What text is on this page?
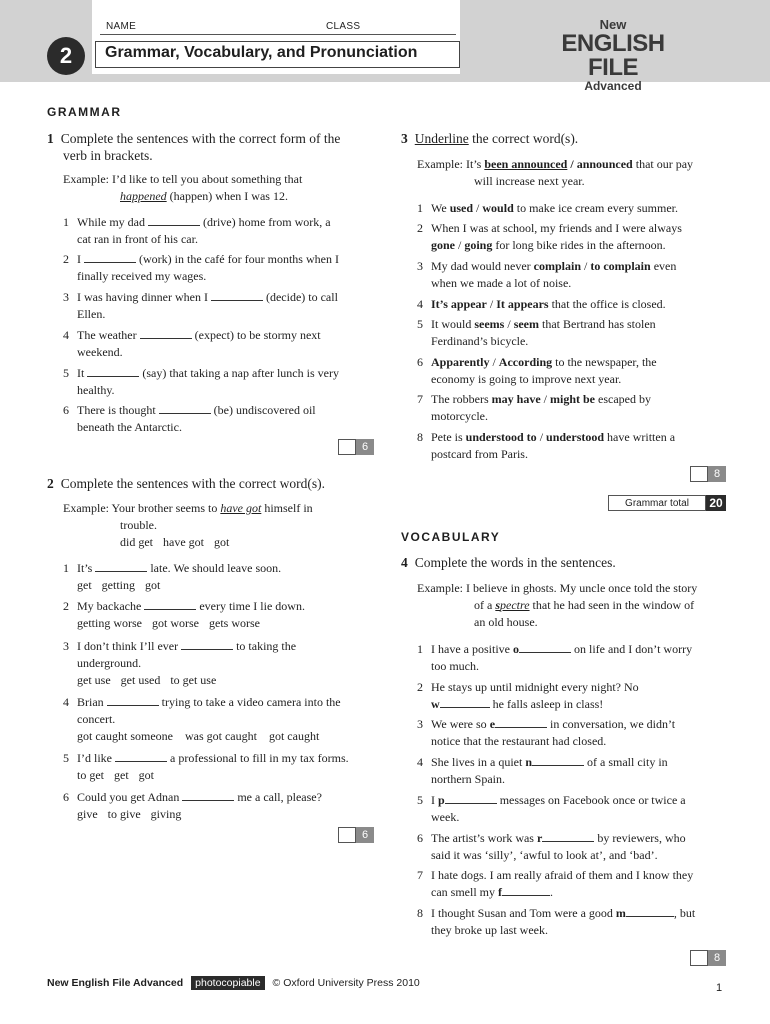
NAME	CLASS
2	Grammar, Vocabulary, and Pronunciation
New
ENGLISH FILE
Advanced
GRAMMAR
1 Complete the sentences with the correct form of the
verb in brackets.
Example: I’d like to tell you about something that
happened (happen) when I was 12.
1 While my dad	(drive) home from work, a
cat ran in front of his car.
2 I	(work) in the café for four months when I
finally received my wages.
3 I was having dinner when I	(decide) to call
Ellen.
4 The weather	(expect) to be stormy next
weekend.
5 It	(say) that taking a nap after lunch is very
healthy.
6 There is thought	(be) undiscovered oil
beneath the Antarctic.
6
2 Complete the sentences with the correct word(s).
Example: Your brother seems to have got himself in
trouble.
did get have got got
1 It’s	late. We should leave soon.
get getting got
2 My backache	every time I lie down.
getting worse got worse gets worse
3 I don’t think I’ll ever	to taking the
underground.
get use get used to get use
4 Brian	trying to take a video camera into the
concert.
got caught someone was got caught got caught
5 I’d like	a professional to fill in my tax forms.
to get get got
6 Could you get Adnan	me a call, please?
give to give giving
6
3 Underline the correct word(s).
Example: It’s been announced / announced that our pay
will increase next year.
1 We used / would to make ice cream every summer.
2 When I was at school, my friends and I were always
gone / going for long bike rides in the afternoon.
3 My dad would never complain / to complain even
when we made a lot of noise.
4 It’s appear / It appears that the office is closed.
5 It would seems / seem that Bertrand has stolen
Ferdinand’s bicycle.
6 Apparently / According to the newspaper, the
economy is going to improve next year.
7 The robbers may have / might be escaped by
motorcycle.
8 Pete is understood to / understood have written a
postcard from Paris.
8
Grammar total	20
VOCABULARY
4 Complete the words in the sentences.
Example: I believe in ghosts. My uncle once told the story
of a spectre that he had seen in the window of
an old house.
1 I have a positive o	on life and I don’t worry
too much.
2 He stays up until midnight every night? No
w	he falls asleep in class!
3 We were so e	in conversation, we didn’t
notice that the restaurant had closed.
4 She lives in a quiet n	of a small city in
northern Spain.
5 I p	messages on Facebook once or twice a
week.
6 The artist’s work was r	by reviewers, who
said it was ‘silly’, ‘awful to look at’, and ‘bad’.
7 I hate dogs. I am really afraid of them and I know they
can smell my f	.
8 I thought Susan and Tom were a good m	, but
they broke up last week.
8
New English File Advanced	photocopiable	© Oxford University Press 2010	1
